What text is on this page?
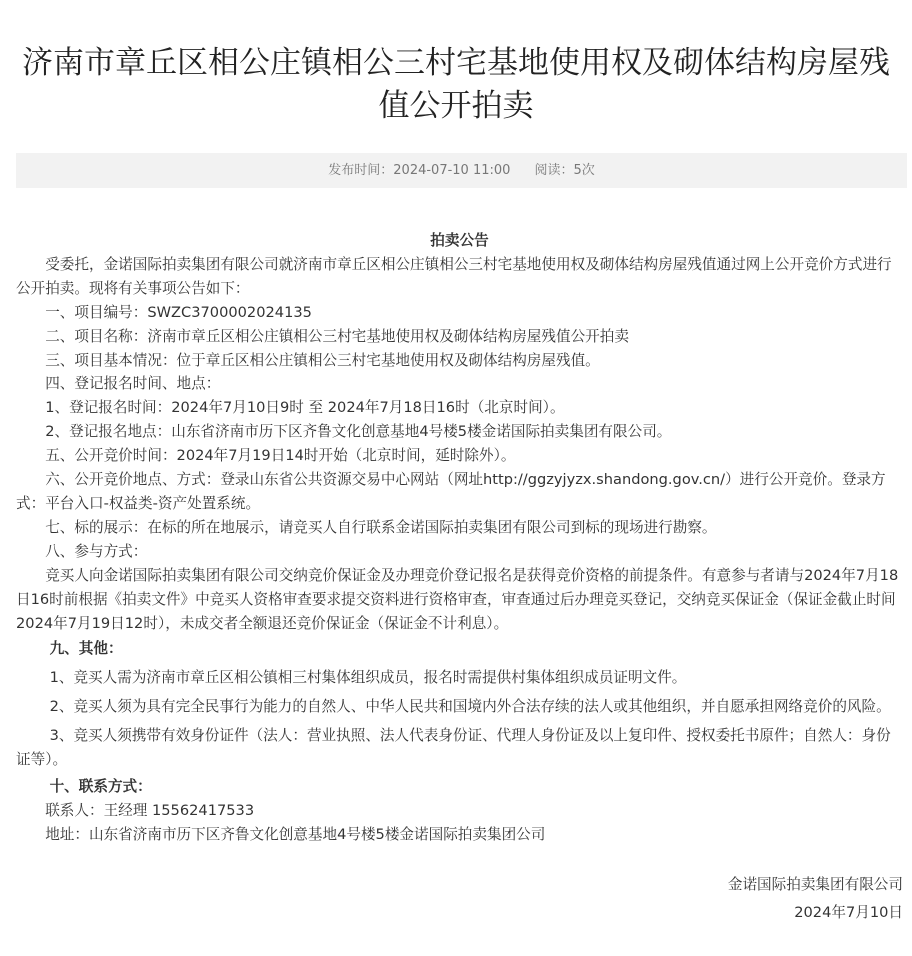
济南市章丘区相公庄镇相公三村宅基地使用权及砌体结构房屋残值公开拍卖
发布时间：2024-07-10 11:00 阅读：5次

拍卖公告

受委托，金诺国际拍卖集团有限公司就济南市章丘区相公庄镇相公三村宅基地使用权及砌体结构房屋残值通过网上公开竞价方式进行公开拍卖。现将有关事项公告如下：

一、项目编号：SWZC3700002024135

二、项目名称：济南市章丘区相公庄镇相公三村宅基地使用权及砌体结构房屋残值公开拍卖

三、项目基本情况：位于章丘区相公庄镇相公三村宅基地使用权及砌体结构房屋残值。

四、登记报名时间、地点：

1、登记报名时间：2024年7月10日9时 至 2024年7月18日16时（北京时间）。

2、登记报名地点：山东省济南市历下区齐鲁文化创意基地4号楼5楼金诺国际拍卖集团有限公司。

五、公开竞价时间：2024年7月19日14时开始（北京时间，延时除外）。

六、公开竞价地点、方式：登录山东省公共资源交易中心网站（网址http://ggzyjyzx.shandong.gov.cn/）进行公开竞价。登录方式：平台入口-权益类-资产处置系统。

七、标的展示：在标的所在地展示，请竞买人自行联系金诺国际拍卖集团有限公司到标的现场进行勘察。

八、参与方式：

竞买人向金诺国际拍卖集团有限公司交纳竞价保证金及办理竞价登记报名是获得竞价资格的前提条件。有意参与者请与2024年7月18日16时前根据《拍卖文件》中竞买人资格审查要求提交资料进行资格审查，审查通过后办理竞买登记，交纳竞买保证金（保证金截止时间2024年7月19日12时），未成交者全额退还竞价保证金（保证金不计利息）。

九、其他：

1、竞买人需为济南市章丘区相公镇相三村集体组织成员，报名时需提供村集体组织成员证明文件。

2、竞买人须为具有完全民事行为能力的自然人、中华人民共和国境内外合法存续的法人或其他组织，并自愿承担网络竞价的风险。

3、竞买人须携带有效身份证件（法人：营业执照、法人代表身份证、代理人身份证及以上复印件、授权委托书原件；自然人：身份证等）。

十、联系方式：

联系人：王经理 15562417533

地址：山东省济南市历下区齐鲁文化创意基地4号楼5楼金诺国际拍卖集团公司

金诺国际拍卖集团有限公司

2024年7月10日
